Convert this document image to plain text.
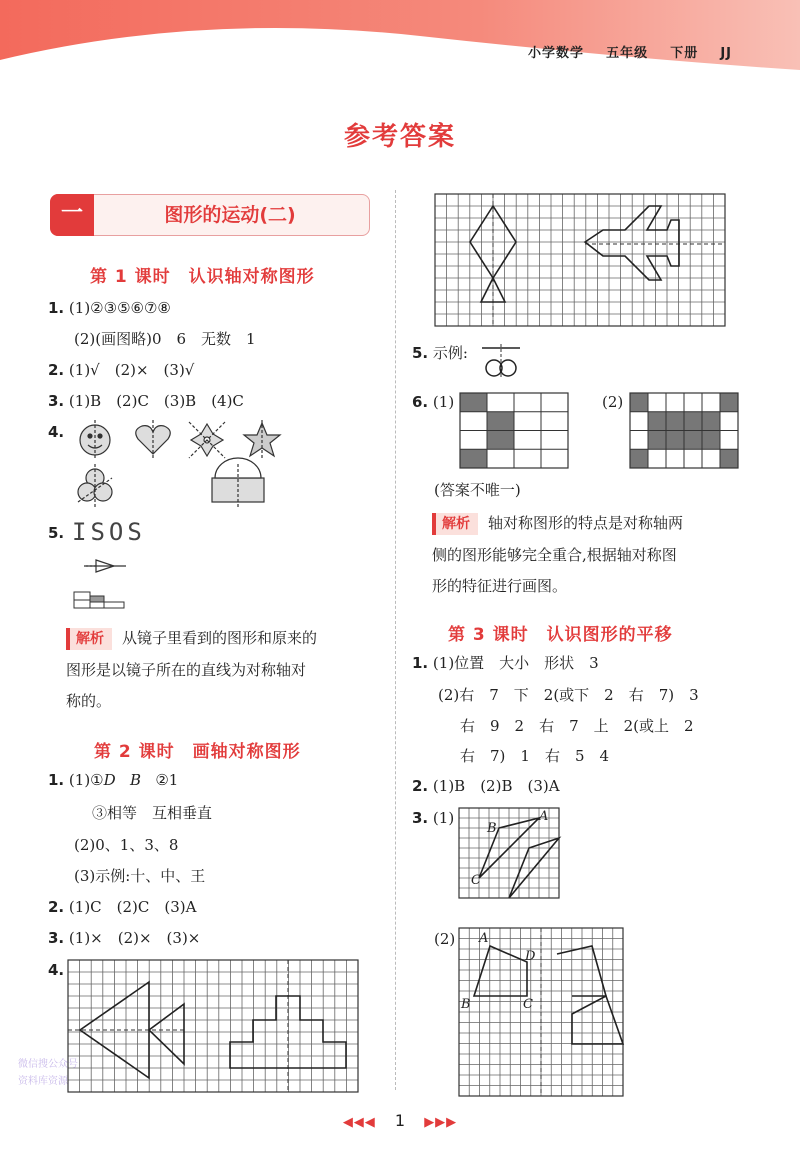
小学数学 五年级 下册 JJ
参考答案
一	图形的运动(二)
第 1 课时　认识轴对称图形
1. (1)②③⑤⑥⑦⑧
(2)(画图略)0　6　无数　1
2. (1)√　(2)×　(3)√
3. (1)B　(2)C　(3)B　(4)C
4.
5. ISOS
解析 从镜子里看到的图形和原来的
图形是以镜子所在的直线为对称轴对
称的。
第 2 课时　画轴对称图形
1. (1)①D B ②1
③相等　互相垂直
(2)0、1、3、8
(3)示例:十、中、王
2. (1)C　(2)C　(3)A
3. (1)×　(2)×　(3)×
4.
5. 示例:
6. (1)	(2)
(答案不唯一)
解析 轴对称图形的特点是对称轴两
侧的图形能够完全重合,根据轴对称图
形的特征进行画图。
第 3 课时　认识图形的平移
1. (1)位置　大小　形状　3
(2)右　7　下　2(或下　2　右　7)　3
右　9　2　右　7　上　2(或上　2
右　7)　1　右　5　4
2. (1)B　(2)B　(3)A
3. (1)
B
A
C
(2) A
D
B	C
微信搜公众号
资料库资源
◀◀◀ 1 ▶▶▶
